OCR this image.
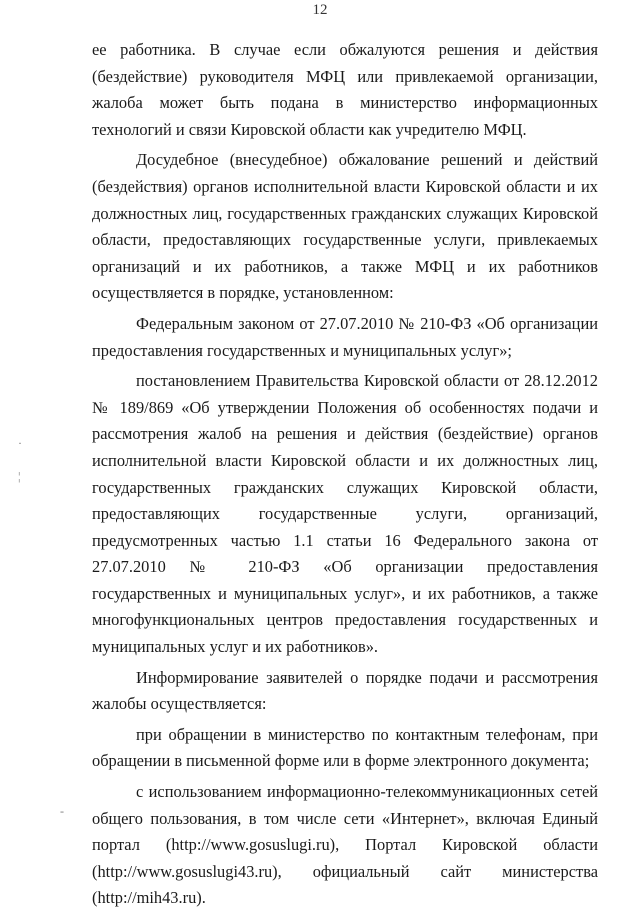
12

ее работника. В случае если обжалуются решения и действия (бездействие) руководителя МФЦ или привлекаемой организации, жалоба может быть подана в министерство информационных технологий и связи Кировской области как учредителю МФЦ.

Досудебное (внесудебное) обжалование решений и действий (бездействия) органов исполнительной власти Кировской области и их должностных лиц, государственных гражданских служащих Кировской области, предоставляющих государственные услуги, привлекаемых организаций и их работников, а также МФЦ и их работников осуществляется в порядке, установленном:

Федеральным законом от 27.07.2010 № 210-ФЗ «Об организации предоставления государственных и муниципальных услуг»;

постановлением Правительства Кировской области от 28.12.2012 № 189/869 «Об утверждении Положения об особенностях подачи и рассмотрения жалоб на решения и действия (бездействие) органов исполнительной власти Кировской области и их должностных лиц, государственных гражданских служащих Кировской области, предоставляющих государственные услуги, организаций, предусмотренных частью 1.1 статьи 16 Федерального закона от 27.07.2010 № 210-ФЗ «Об организации предоставления государственных и муниципальных услуг», и их работников, а также многофункциональных центров предоставления государственных и муниципальных услуг и их работников».

Информирование заявителей о порядке подачи и рассмотрения жалобы осуществляется:

при обращении в министерство по контактным телефонам, при обращении в письменной форме или в форме электронного документа;

с использованием информационно-телекоммуникационных сетей общего пользования, в том числе сети «Интернет», включая Единый портал (http://www.gosuslugi.ru), Портал Кировской области (http://www.gosuslugi43.ru), официальный сайт министерства (http://mih43.ru).

·
¦
-
